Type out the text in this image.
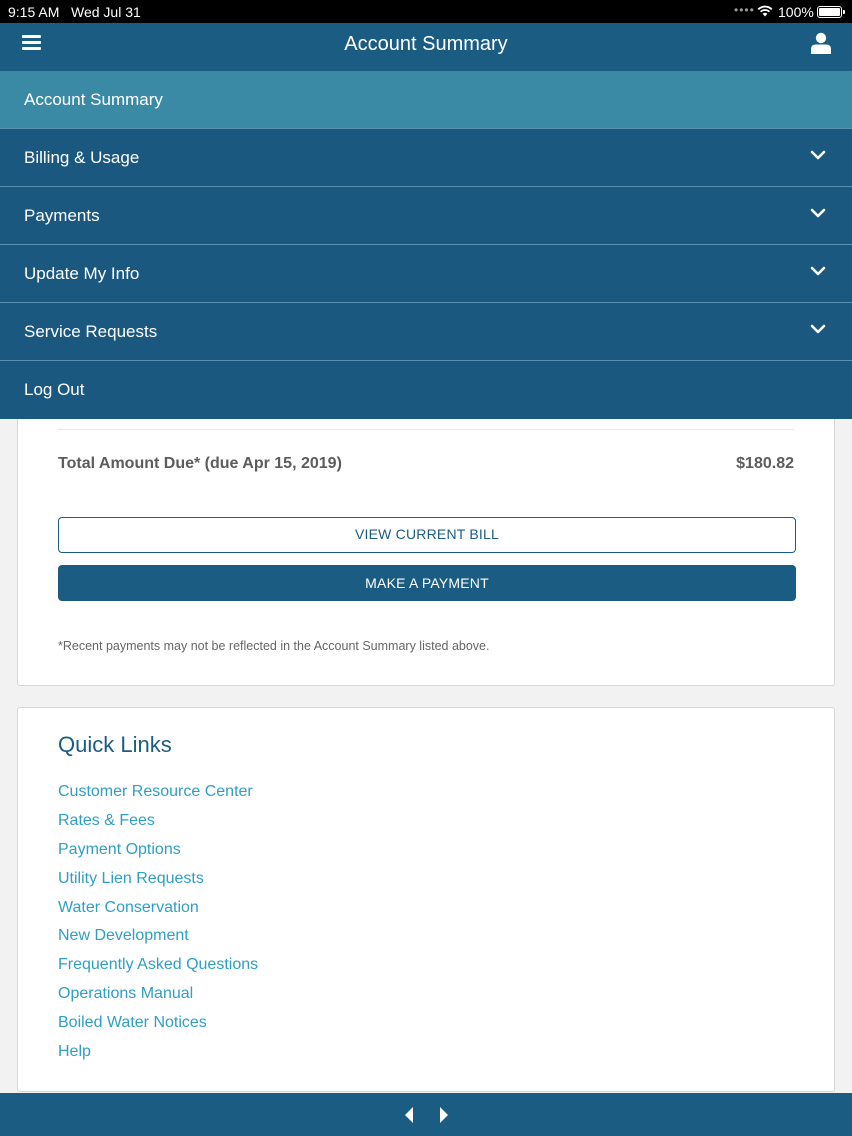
9:15 AM Wed Jul 31	•••• 100%
Account Summary
Account Summary
Billing & Usage
Payments
Update My Info
Service Requests
Log Out
Total Amount Due* (due Apr 15, 2019)	$180.82
VIEW CURRENT BILL
MAKE A PAYMENT
*Recent payments may not be reflected in the Account Summary listed above.
Quick Links
Customer Resource Center
Rates & Fees
Payment Options
Utility Lien Requests
Water Conservation
New Development
Frequently Asked Questions
Operations Manual
Boiled Water Notices
Help
